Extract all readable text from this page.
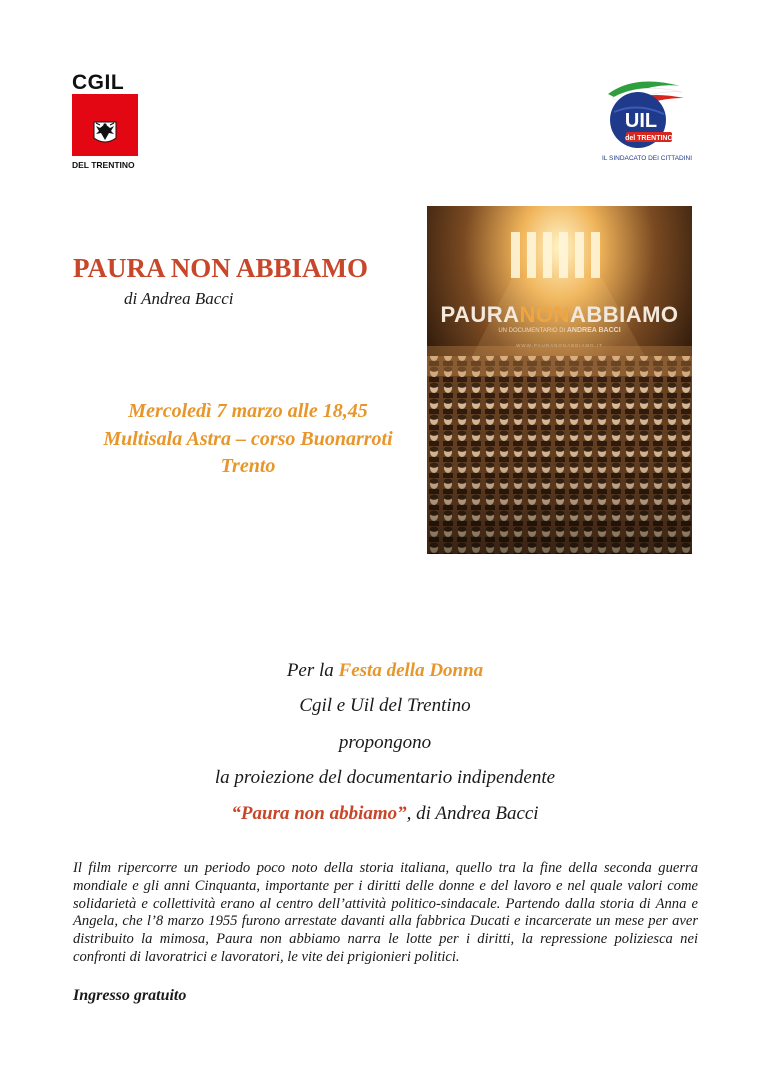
CGIL
DEL TRENTINO
UIL
del TRENTINO
IL SINDACATO DEI CITTADINI
PAURA NON ABBIAMO
di Andrea Bacci
Mercoledì 7 marzo alle 18,45
Multisala Astra – corso Buonarroti
Trento
PAURANONABBIAMO
UN DOCUMENTARIO DI ANDREA BACCI
WWW.PAURANONABBIAMO.IT
Per la Festa della Donna
Cgil e Uil del Trentino
propongono
la proiezione del documentario indipendente
“Paura non abbiamo”, di Andrea Bacci
Il film ripercorre un periodo poco noto della storia italiana, quello tra la fine della seconda guerra mondiale e gli anni Cinquanta, importante per i diritti delle donne e del lavoro e nel quale valori come solidarietà e collettività erano al centro dell’attività politico-sindacale. Partendo dalla storia di Anna e Angela, che l’8 marzo 1955 furono arrestate davanti alla fabbrica Ducati e incarcerate un mese per aver distribuito la mimosa, Paura non abbiamo narra le lotte per i diritti, la repressione poliziesca nei confronti di lavoratrici e lavoratori, le vite dei prigionieri politici.
Ingresso gratuito
